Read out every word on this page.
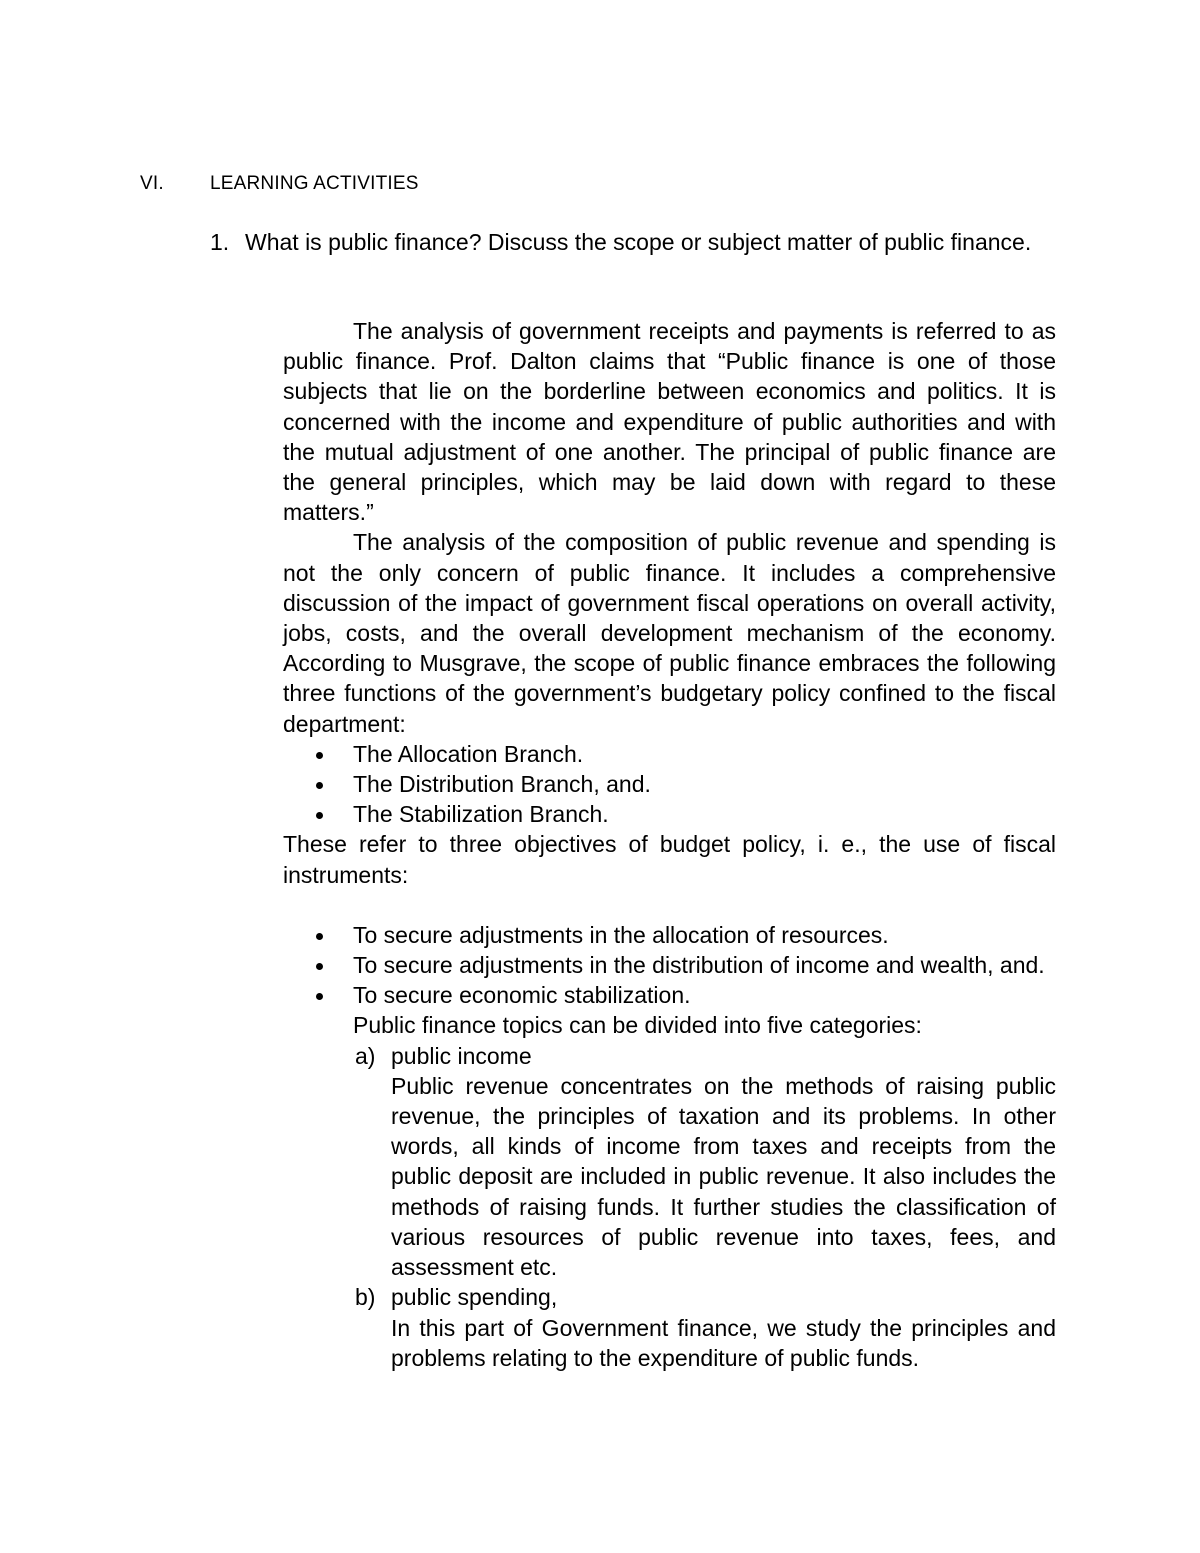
VI. LEARNING ACTIVITIES
1. What is public finance? Discuss the scope or subject matter of public finance.

The analysis of government receipts and payments is referred to as public finance. Prof. Dalton claims that “Public finance is one of those subjects that lie on the borderline between economics and politics. It is concerned with the income and expenditure of public authorities and with the mutual adjustment of one another. The principal of public finance are the general principles, which may be laid down with regard to these matters.”

The analysis of the composition of public revenue and spending is not the only concern of public finance. It includes a comprehensive discussion of the impact of government fiscal operations on overall activity, jobs, costs, and the overall development mechanism of the economy. According to Musgrave, the scope of public finance embraces the following three functions of the government’s budgetary policy confined to the fiscal department:

The Allocation Branch.
The Distribution Branch, and.
The Stabilization Branch.

These refer to three objectives of budget policy, i. e., the use of fiscal instruments:

To secure adjustments in the allocation of resources.
To secure adjustments in the distribution of income and wealth, and.
To secure economic stabilization.

Public finance topics can be divided into five categories:

a) public income
Public revenue concentrates on the methods of raising public revenue, the principles of taxation and its problems. In other words, all kinds of income from taxes and receipts from the public deposit are included in public revenue. It also includes the methods of raising funds. It further studies the classification of various resources of public revenue into taxes, fees, and assessment etc.
b) public spending,
In this part of Government finance, we study the principles and problems relating to the expenditure of public funds.
